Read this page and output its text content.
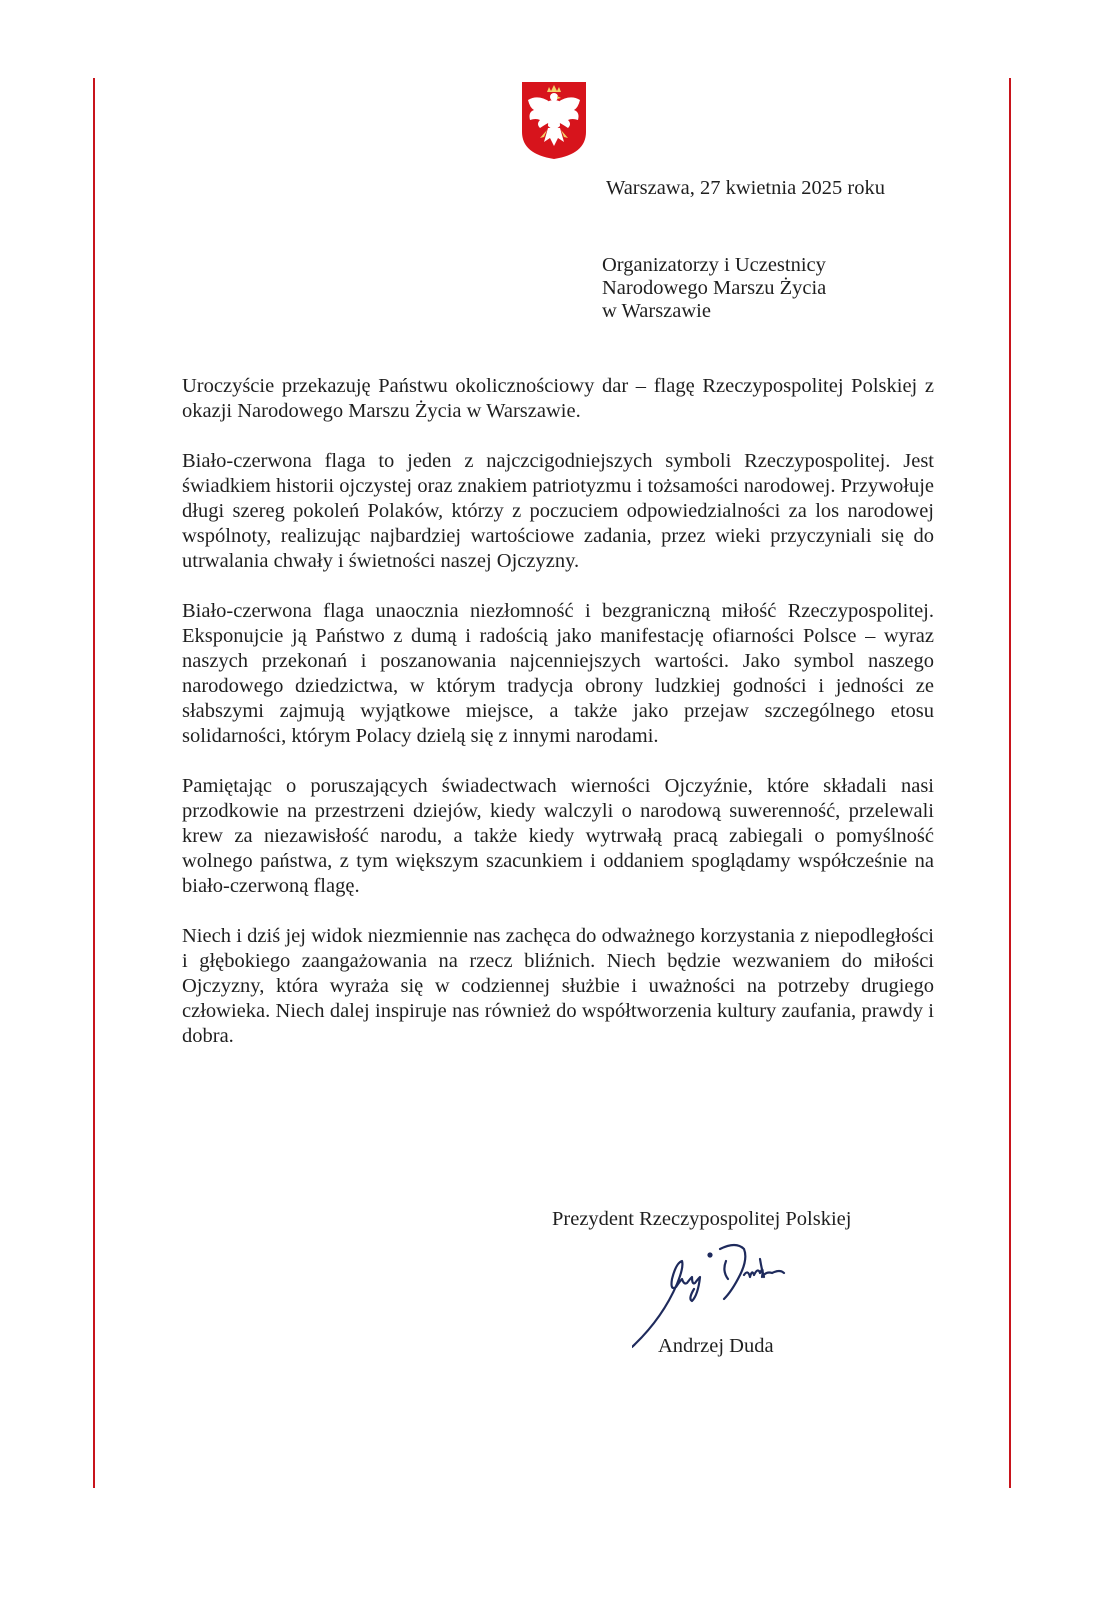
Warszawa, 27 kwietnia 2025 roku
Organizatorzy i Uczestnicy
Narodowego Marszu Życia
w Warszawie

Uroczyście przekazuję Państwu okolicznościowy dar – flagę Rzeczypospolitej Polskiej z okazji Narodowego Marszu Życia w Warszawie.

Biało-czerwona flaga to jeden z najczcigodniejszych symboli Rzeczypospolitej. Jest świadkiem historii ojczystej oraz znakiem patriotyzmu i tożsamości narodowej. Przywołuje długi szereg pokoleń Polaków, którzy z poczuciem odpowiedzialności za los narodowej wspólnoty, realizując najbardziej wartościowe zadania, przez wieki przyczyniali się do utrwalania chwały i świetności naszej Ojczyzny.

Biało-czerwona flaga unaocznia niezłomność i bezgraniczną miłość Rzeczypospolitej. Eksponujcie ją Państwo z dumą i radością jako manifestację ofiarności Polsce – wyraz naszych przekonań i poszanowania najcenniejszych wartości. Jako symbol naszego narodowego dziedzictwa, w którym tradycja obrony ludzkiej godności i jedności ze słabszymi zajmują wyjątkowe miejsce, a także jako przejaw szczególnego etosu solidarności, którym Polacy dzielą się z innymi narodami.

Pamiętając o poruszających świadectwach wierności Ojczyźnie, które składali nasi przodkowie na przestrzeni dziejów, kiedy walczyli o narodową suwerenność, przelewali krew za niezawisłość narodu, a także kiedy wytrwałą pracą zabiegali o pomyślność wolnego państwa, z tym większym szacunkiem i oddaniem spoglądamy współcześnie na biało-czerwoną flagę.

Niech i dziś jej widok niezmiennie nas zachęca do odważnego korzystania z niepodległości i głębokiego zaangażowania na rzecz bliźnich. Niech będzie wezwaniem do miłości Ojczyzny, która wyraża się w codziennej służbie i uważności na potrzeby drugiego człowieka. Niech dalej inspiruje nas również do współtworzenia kultury zaufania, prawdy i dobra.

Prezydent Rzeczypospolitej Polskiej
Andrzej Duda
